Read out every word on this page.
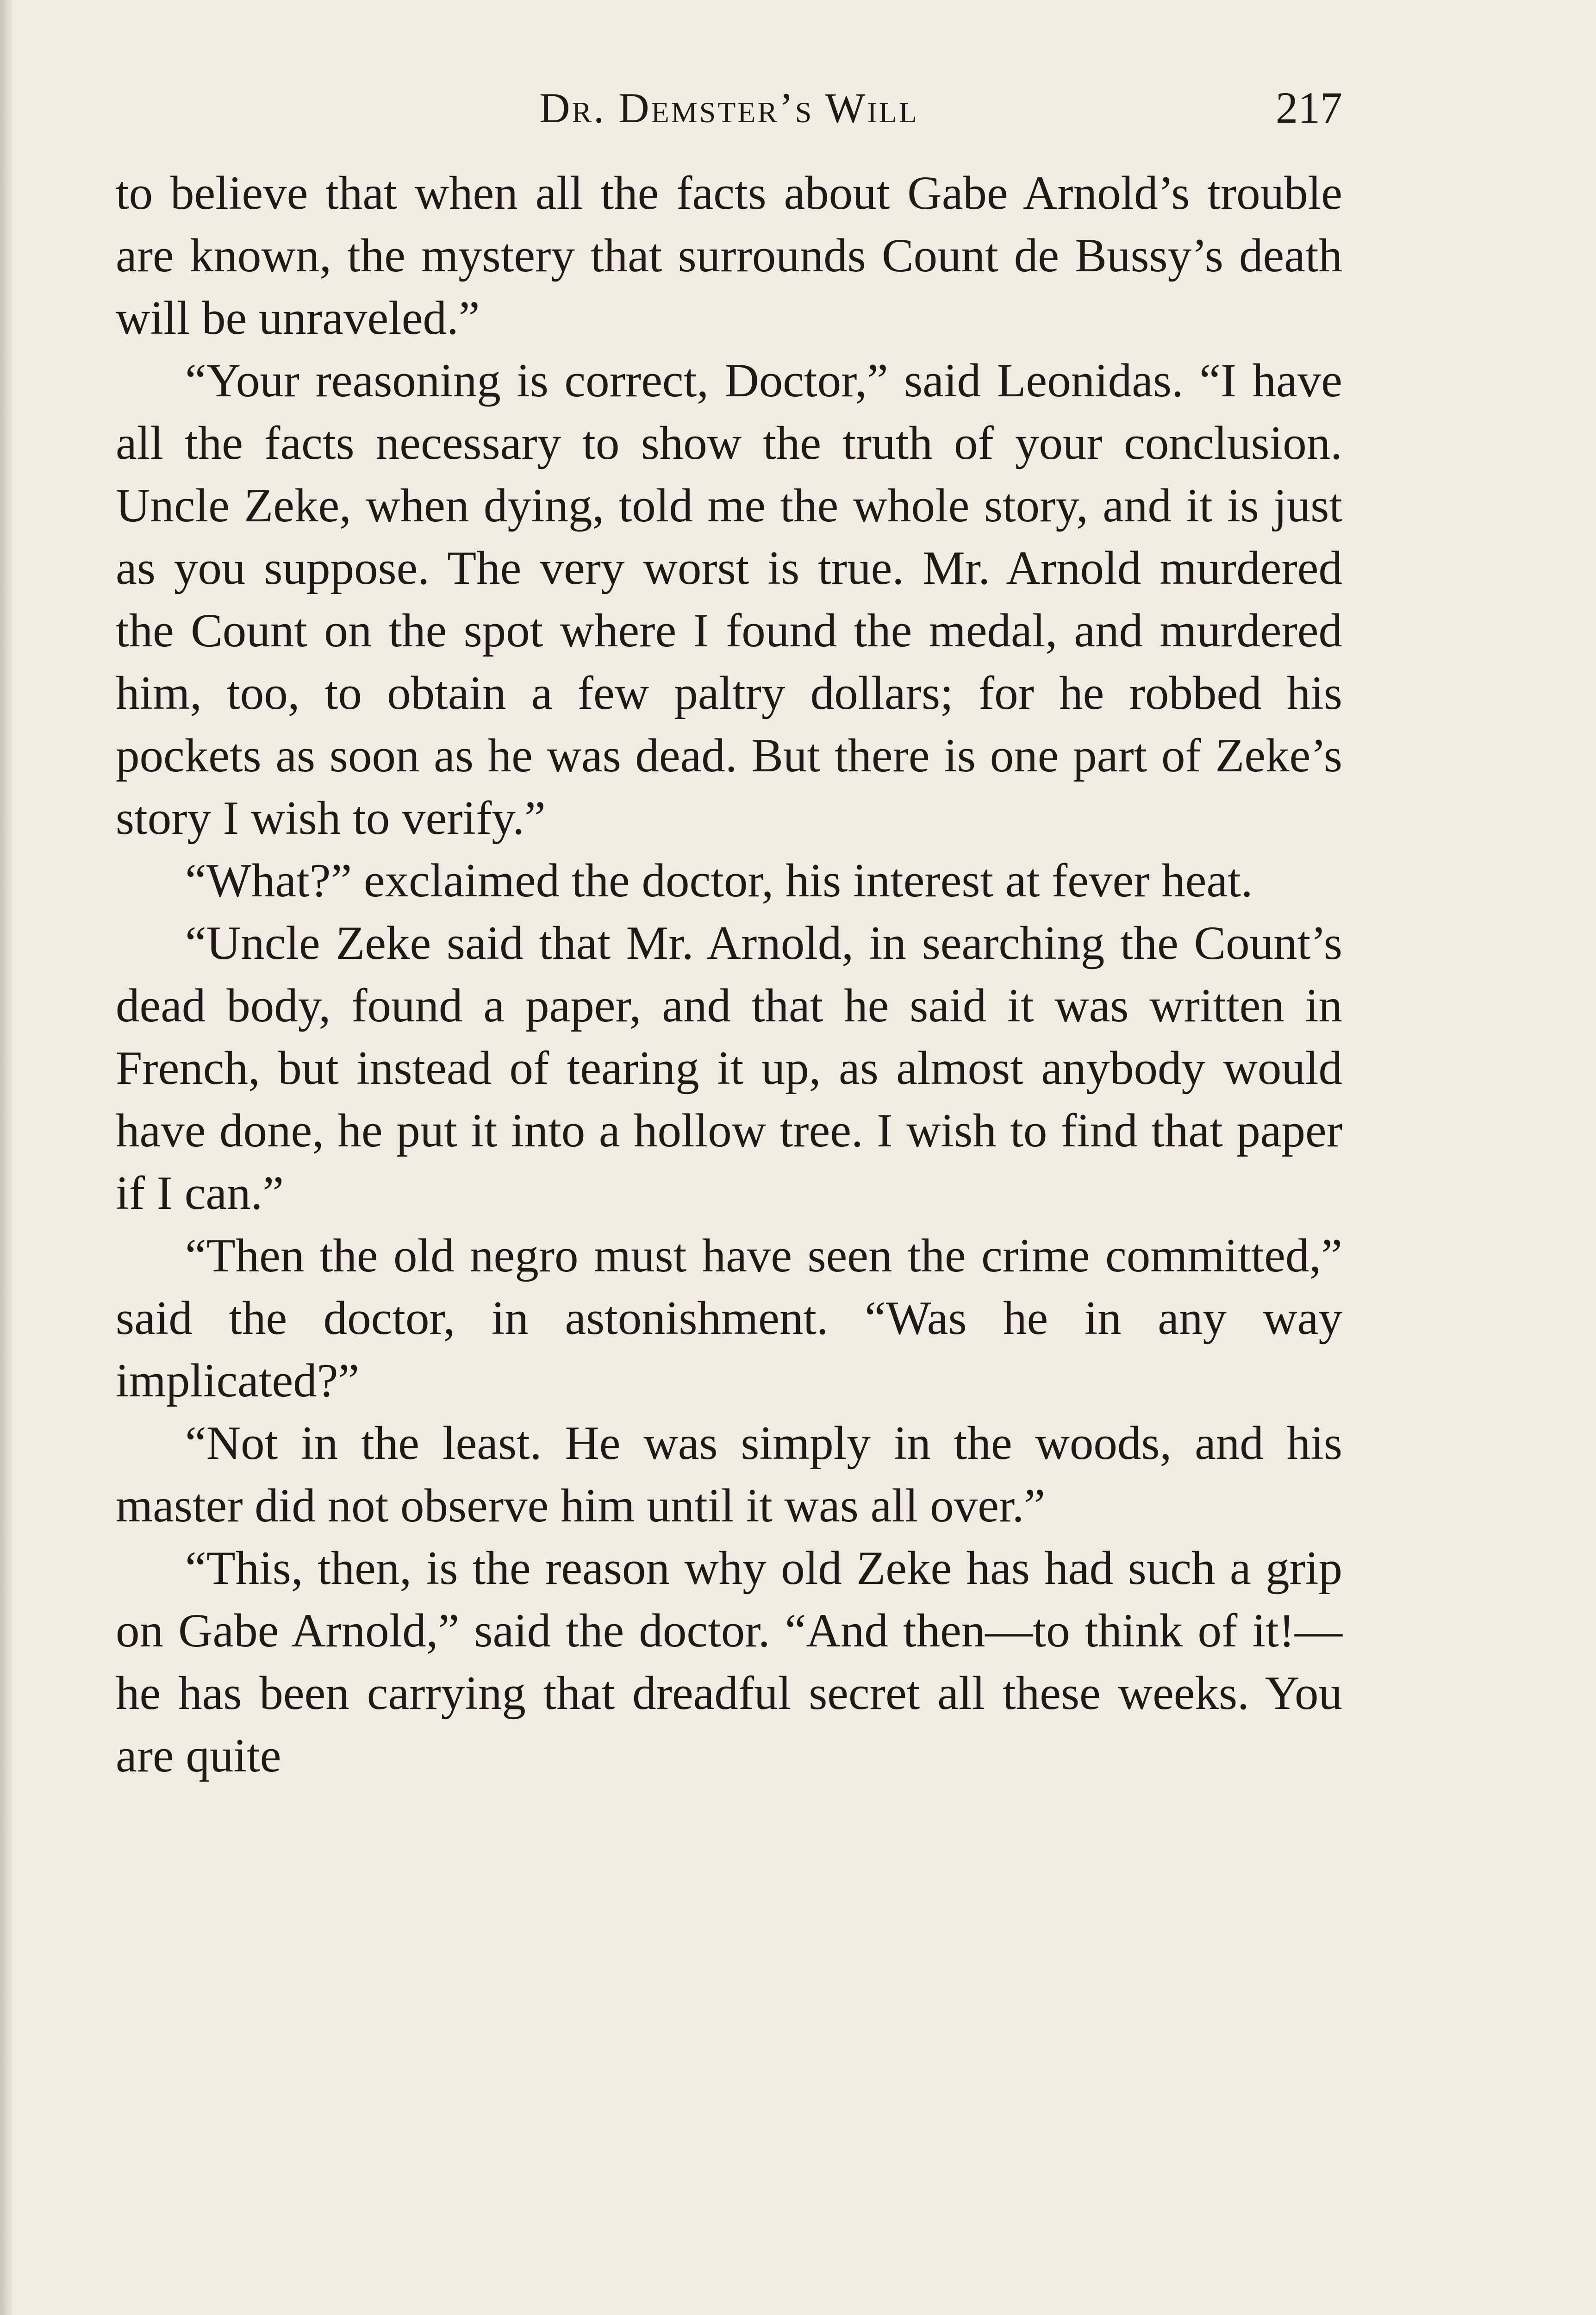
Dr. Demster’s Will	217

to believe that when all the facts about Gabe Arnold’s trouble are known, the mystery that surrounds Count de Bussy’s death will be unraveled.”

“Your reasoning is correct, Doctor,” said Leonidas. “I have all the facts necessary to show the truth of your conclusion. Uncle Zeke, when dying, told me the whole story, and it is just as you suppose. The very worst is true. Mr. Arnold murdered the Count on the spot where I found the medal, and murdered him, too, to obtain a few paltry dollars; for he robbed his pockets as soon as he was dead. But there is one part of Zeke’s story I wish to verify.”

“What?” exclaimed the doctor, his interest at fever heat.

“Uncle Zeke said that Mr. Arnold, in searching the Count’s dead body, found a paper, and that he said it was written in French, but instead of tearing it up, as almost anybody would have done, he put it into a hollow tree. I wish to find that paper if I can.”

“Then the old negro must have seen the crime committed,” said the doctor, in astonishment. “Was he in any way implicated?”

“Not in the least. He was simply in the woods, and his master did not observe him until it was all over.”

“This, then, is the reason why old Zeke has had such a grip on Gabe Arnold,” said the doctor. “And then—to think of it!—he has been carrying that dreadful secret all these weeks. You are quite
